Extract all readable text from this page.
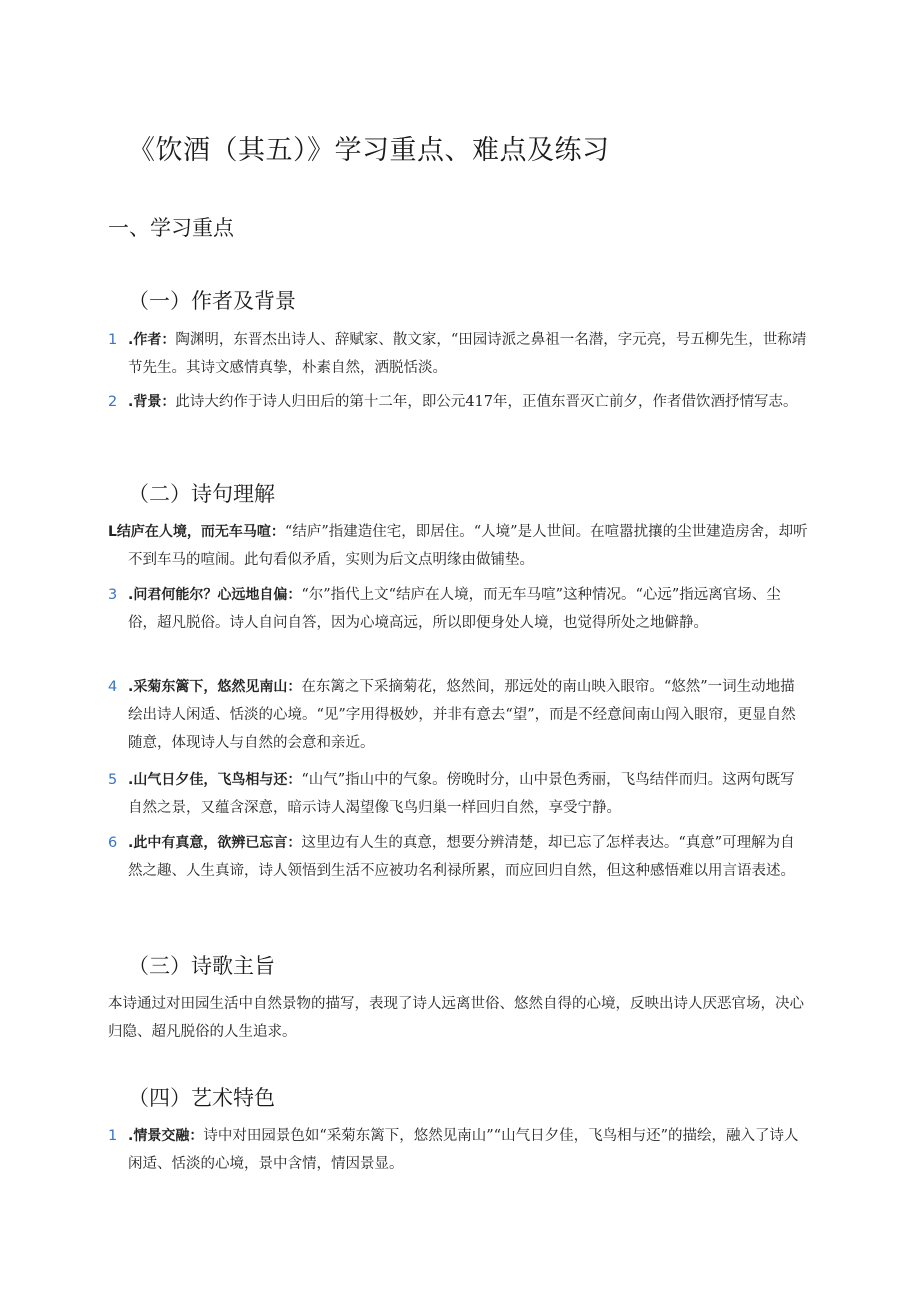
《饮酒（其五）》学习重点、难点及练习
一、学习重点
（一）作者及背景
1 .作者：陶渊明，东晋杰出诗人、辞赋家、散文家，“田园诗派之鼻祖一名潜，字元亮，号五柳先生，世称靖节先生。其诗文感情真挚，朴素自然，洒脱恬淡。
2 .背景：此诗大约作于诗人归田后的第十二年，即公元417年，正值东晋灭亡前夕，作者借饮酒抒情写志。
（二）诗句理解
L结庐在人境，而无车马喧：“结庐”指建造住宅，即居住。“人境”是人世间。在喧嚣扰攘的尘世建造房舍，却听不到车马的喧闹。此句看似矛盾，实则为后文点明缘由做铺垫。
3 .问君何能尔？心远地自偏：“尔”指代上文“结庐在人境，而无车马喧”这种情况。“心远”指远离官场、尘俗，超凡脱俗。诗人自问自答，因为心境高远，所以即便身处人境，也觉得所处之地僻静。
4 .采菊东篱下，悠然见南山：在东篱之下采摘菊花，悠然间，那远处的南山映入眼帘。“悠然”一词生动地描绘出诗人闲适、恬淡的心境。“见”字用得极妙，并非有意去“望”，而是不经意间南山闯入眼帘，更显自然随意，体现诗人与自然的会意和亲近。
5 .山气日夕佳，飞鸟相与还：“山气”指山中的气象。傍晚时分，山中景色秀丽，飞鸟结伴而归。这两句既写自然之景，又蕴含深意，暗示诗人渴望像飞鸟归巢一样回归自然，享受宁静。
6 .此中有真意，欲辨已忘言：这里边有人生的真意，想要分辨清楚，却已忘了怎样表达。“真意”可理解为自然之趣、人生真谛，诗人领悟到生活不应被功名利禄所累，而应回归自然，但这种感悟难以用言语表述。
（三）诗歌主旨
本诗通过对田园生活中自然景物的描写，表现了诗人远离世俗、悠然自得的心境，反映出诗人厌恶官场，决心归隐、超凡脱俗的人生追求。
（四）艺术特色
1 .情景交融：诗中对田园景色如“采菊东篱下，悠然见南山”“山气日夕佳，飞鸟相与还”的描绘，融入了诗人闲适、恬淡的心境，景中含情，情因景显。
